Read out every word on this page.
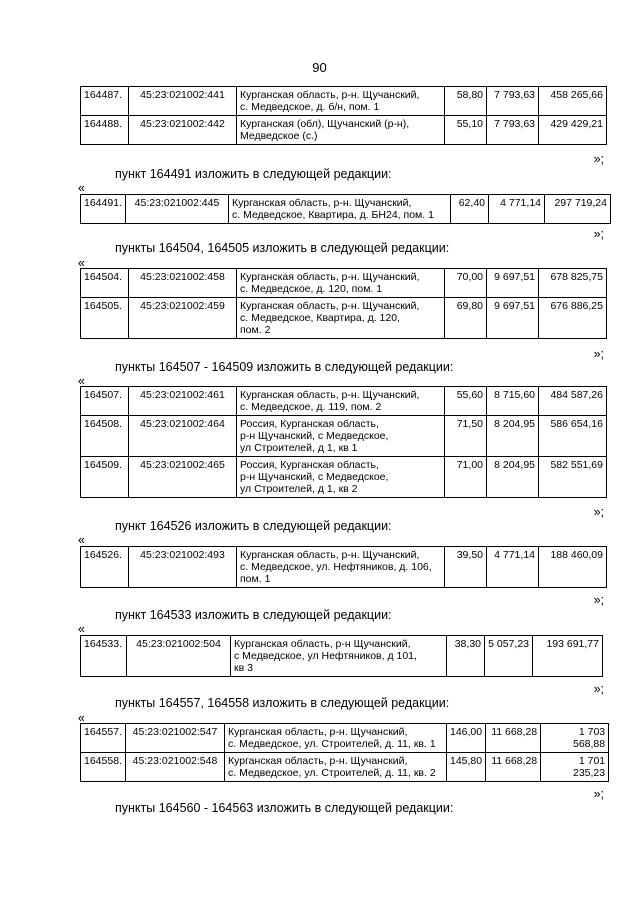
90
164487.	45:23:021002:441	Курганская область, р-н. Щучанский,
с. Медведское, д. б/н, пом. 1	58,80	7 793,63	458 265,66
164488.	45:23:021002:442	Курганская (обл), Щучанский (р-н),
Медведское (с.)	55,10	7 793,63	429 429,21
»;
пункт 164491 изложить в следующей редакции:
«
164491.	45:23:021002:445	Курганская область, р-н. Щучанский,
с. Медведское, Квартира, д. БН24, пом. 1
	62,40	4 771,14	297 719,24
»;
пункты 164504, 164505 изложить в следующей редакции:
«
164504.	45:23:021002:458	Курганская область, р-н. Щучанский,
с. Медведское, д. 120, пом. 1	70,00	9 697,51	678 825,75
164505.	45:23:021002:459	Курганская область, р-н. Щучанский,
с. Медведское, Квартира, д. 120,
пом. 2	69,80	9 697,51	676 886,25
»;
пункты 164507 - 164509 изложить в следующей редакции:
«
164507.	45:23:021002:461	Курганская область, р-н. Щучанский,
с. Медведское, д. 119, пом. 2	55,60	8 715,60	484 587,26
164508.	45:23:021002:464	Россия, Курганская область,
р-н Щучанский, с Медведское,
ул Строителей, д 1, кв 1	71,50	8 204,95	586 654,16
164509.	45:23:021002:465	Россия, Курганская область,
р-н Щучанский, с Медведское,
ул Строителей, д 1, кв 2	71,00	8 204,95	582 551,69
»;
пункт 164526 изложить в следующей редакции:
«
164526.	45:23:021002:493	Курганская область, р-н. Щучанский,
с. Медведское, ул. Нефтяников, д. 106,
пом. 1
	39,50	4 771,14	188 460,09
»;
пункт 164533 изложить в следующей редакции:
«
164533.	45:23:021002:504	Курганская область, р-н Щучанский,
с Медведское, ул Нефтяников, д 101,
кв 3
	38,30	5 057,23	193 691,77
»;
пункты 164557, 164558 изложить в следующей редакции:
«
164557.	45:23:021002:547	Курганская область, р-н. Щучанский,
с. Медведское, ул. Строителей, д. 11, кв. 1	146,00	11 668,28	1 703 568,88
164558.	45:23:021002:548	Курганская область, р-н. Щучанский,
с. Медведское, ул. Строителей, д. 11, кв. 2	145,80	11 668,28	1 701 235,23
»;
пункты 164560 - 164563 изложить в следующей редакции:
